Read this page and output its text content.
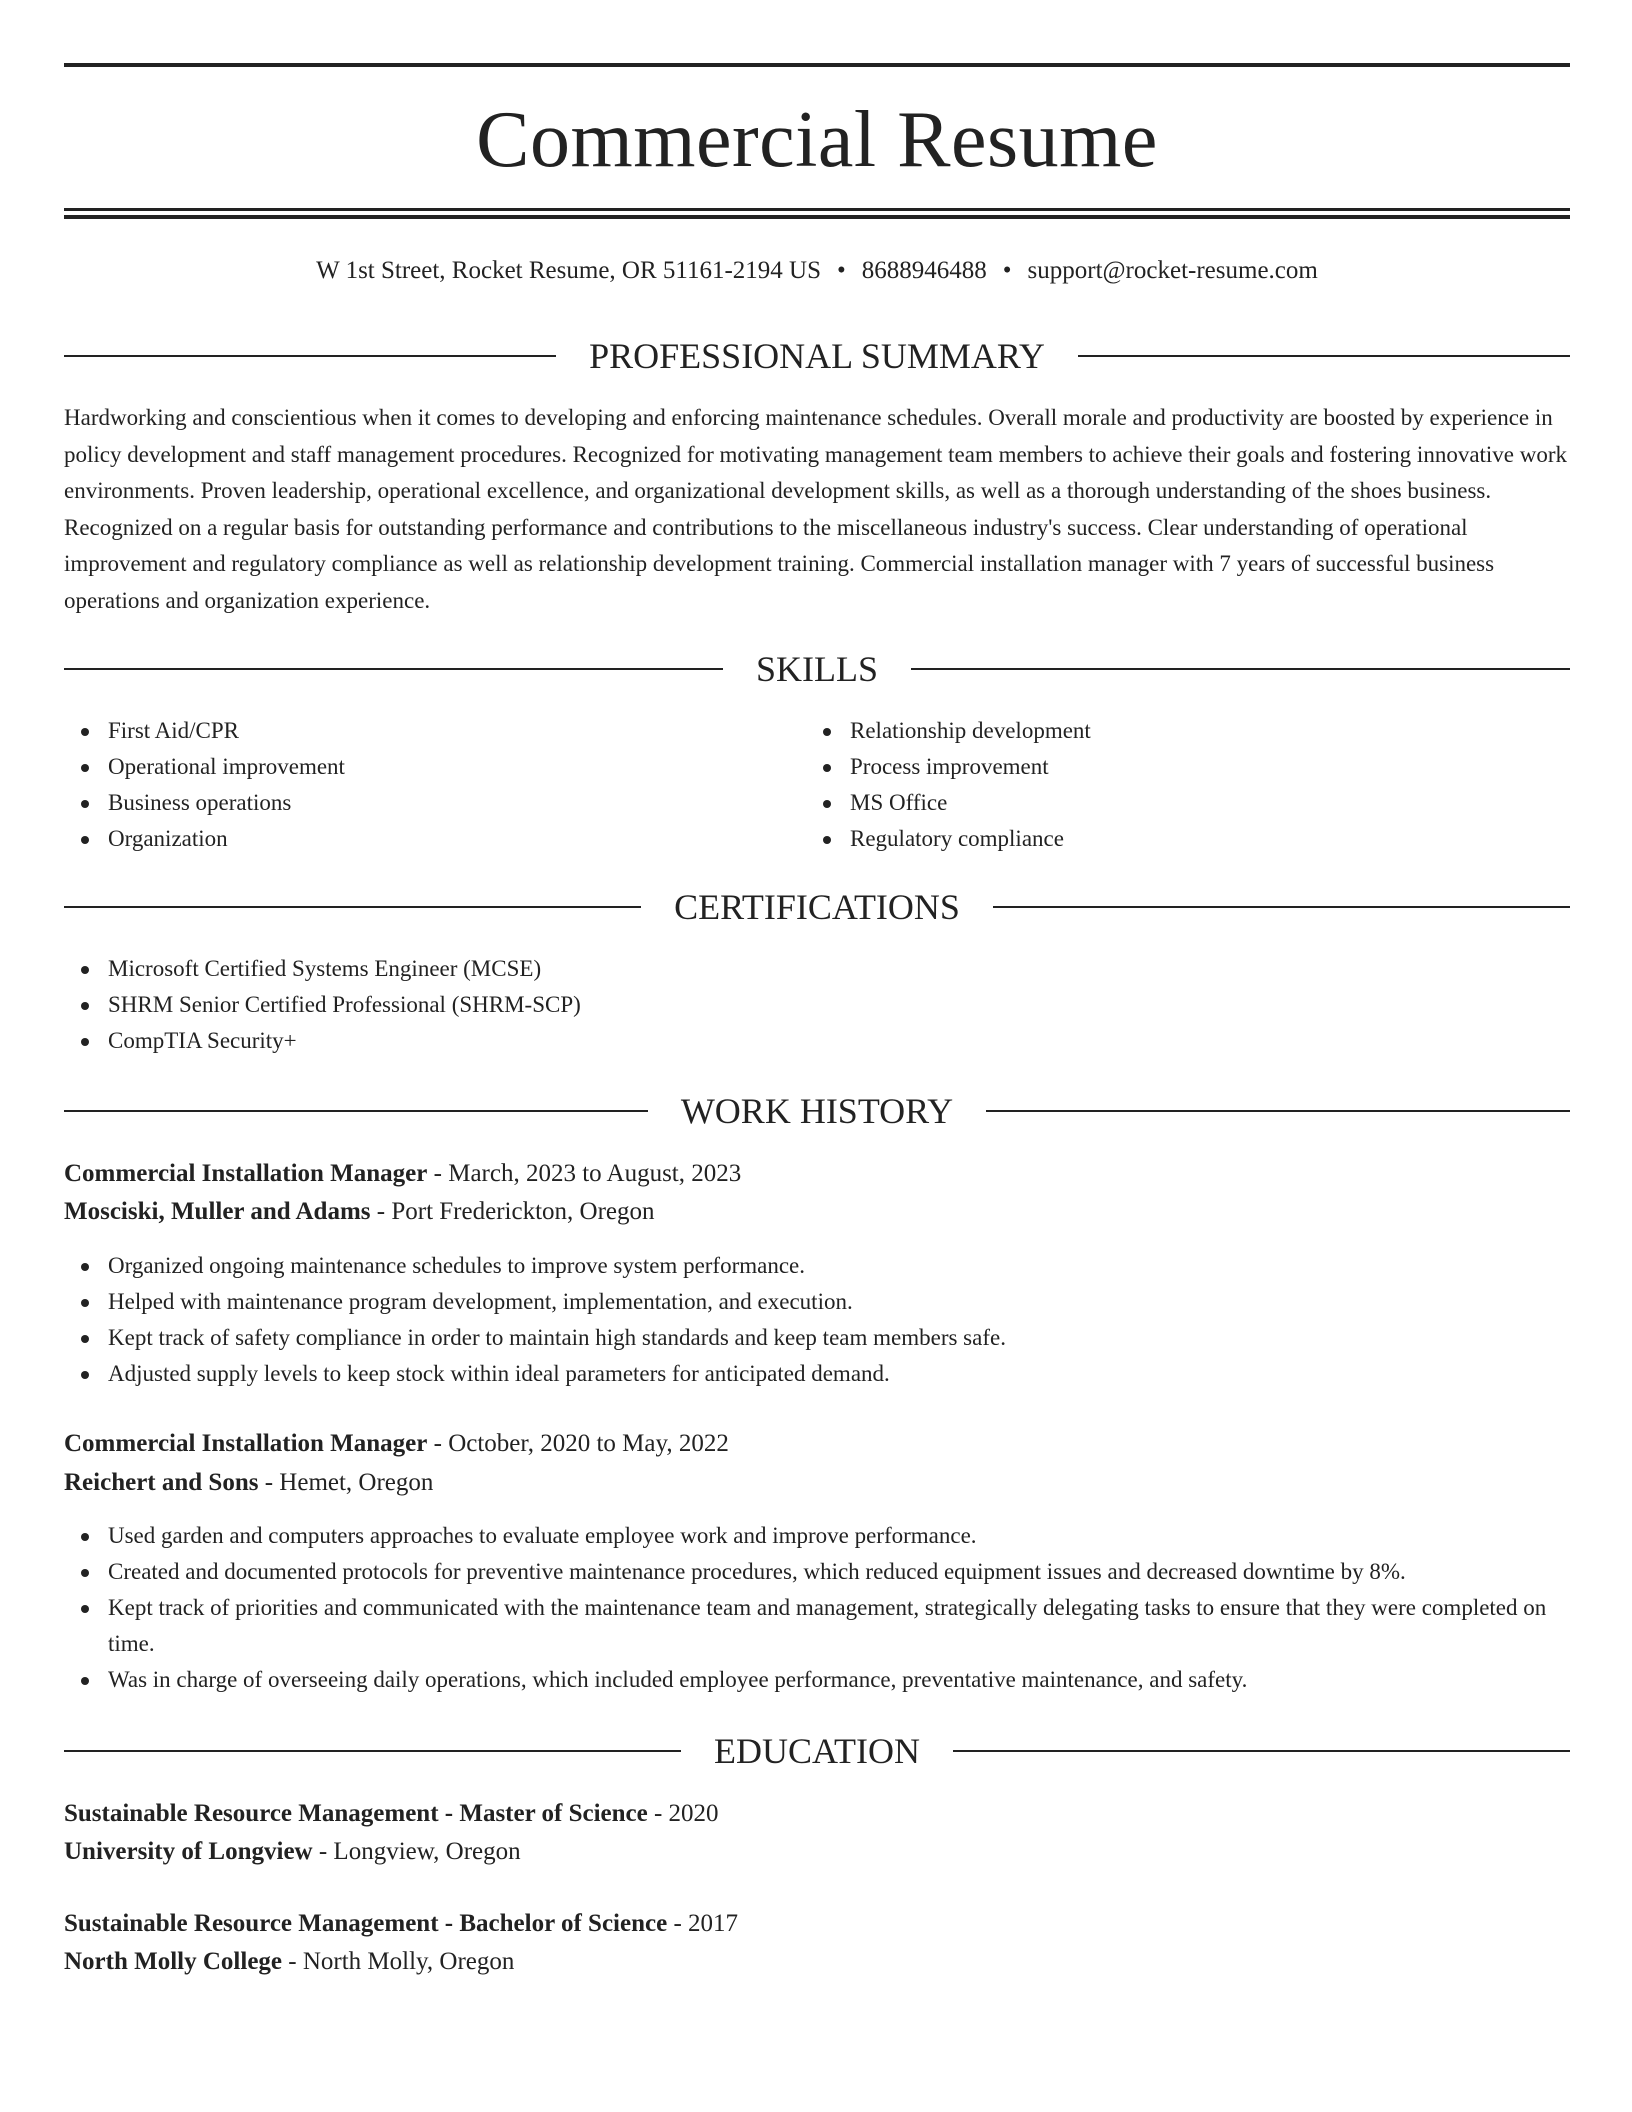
Commercial Resume
W 1st Street, Rocket Resume, OR 51161-2194 US • 8688946488 • support@rocket-resume.com
PROFESSIONAL SUMMARY

Hardworking and conscientious when it comes to developing and enforcing maintenance schedules. Overall morale and productivity are boosted by experience in policy development and staff management procedures. Recognized for motivating management team members to achieve their goals and fostering innovative work environments. Proven leadership, operational excellence, and organizational development skills, as well as a thorough understanding of the shoes business. Recognized on a regular basis for outstanding performance and contributions to the miscellaneous industry's success. Clear understanding of operational improvement and regulatory compliance as well as relationship development training. Commercial installation manager with 7 years of successful business operations and organization experience.

SKILLS
First Aid/CPR
Operational improvement
Business operations
Organization
Relationship development
Process improvement
MS Office
Regulatory compliance
CERTIFICATIONS
Microsoft Certified Systems Engineer (MCSE)
SHRM Senior Certified Professional (SHRM-SCP)
CompTIA Security+
WORK HISTORY
Commercial Installation Manager - March, 2023 to August, 2023
Mosciski, Muller and Adams - Port Frederickton, Oregon
Organized ongoing maintenance schedules to improve system performance.
Helped with maintenance program development, implementation, and execution.
Kept track of safety compliance in order to maintain high standards and keep team members safe.
Adjusted supply levels to keep stock within ideal parameters for anticipated demand.
Commercial Installation Manager - October, 2020 to May, 2022
Reichert and Sons - Hemet, Oregon
Used garden and computers approaches to evaluate employee work and improve performance.
Created and documented protocols for preventive maintenance procedures, which reduced equipment issues and decreased downtime by 8%.
Kept track of priorities and communicated with the maintenance team and management, strategically delegating tasks to ensure that they were completed on time.
Was in charge of overseeing daily operations, which included employee performance, preventative maintenance, and safety.
EDUCATION
Sustainable Resource Management - Master of Science - 2020
University of Longview - Longview, Oregon
Sustainable Resource Management - Bachelor of Science - 2017
North Molly College - North Molly, Oregon
